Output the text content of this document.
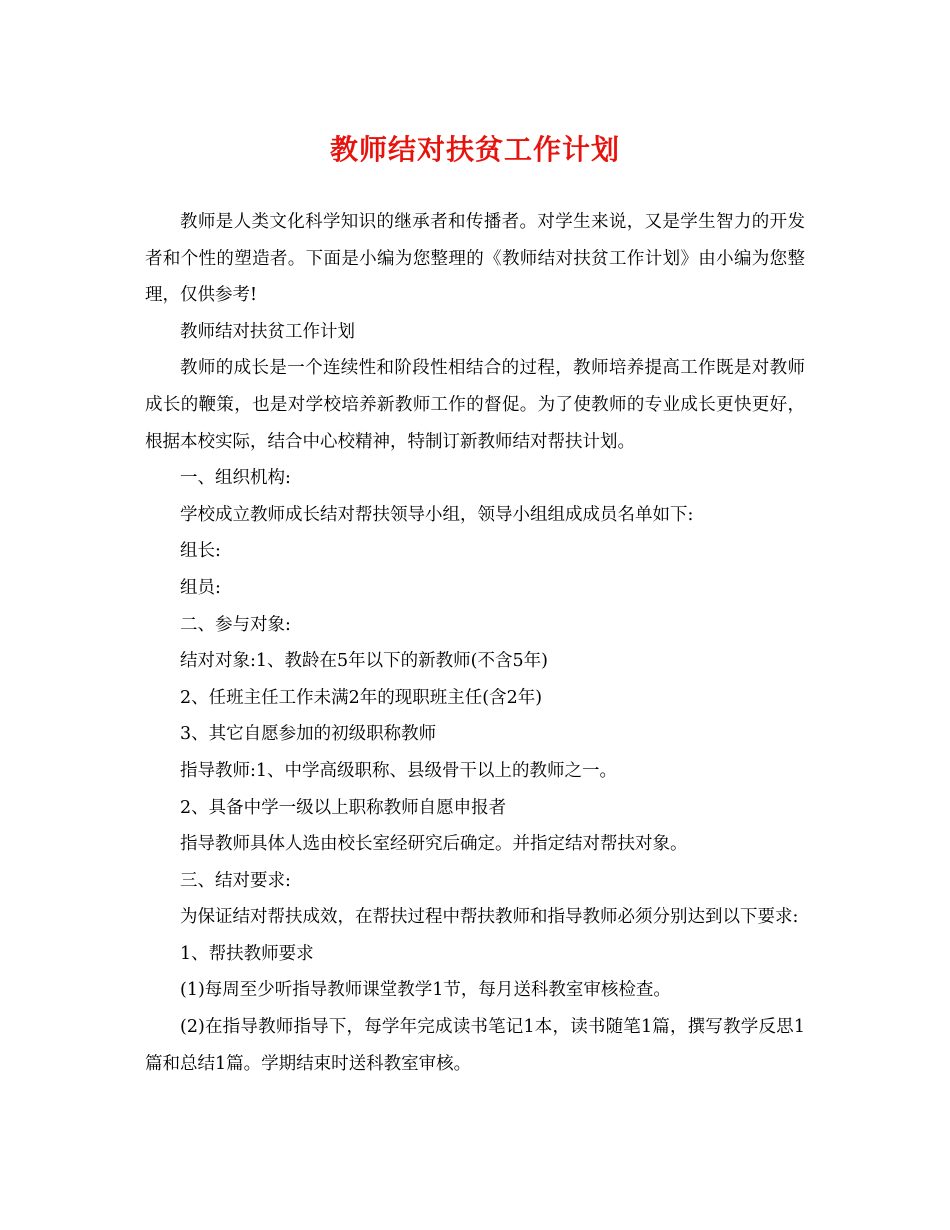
教师结对扶贫工作计划

教师是人类文化科学知识的继承者和传播者。对学生来说，又是学生智力的开发者和个性的塑造者。下面是小编为您整理的《教师结对扶贫工作计划》由小编为您整理，仅供参考!

教师结对扶贫工作计划

教师的成长是一个连续性和阶段性相结合的过程，教师培养提高工作既是对教师成长的鞭策，也是对学校培养新教师工作的督促。为了使教师的专业成长更快更好，根据本校实际，结合中心校精神，特制订新教师结对帮扶计划。

一、组织机构:

学校成立教师成长结对帮扶领导小组，领导小组组成成员名单如下:

组长:

组员:

二、参与对象:

结对对象:1、教龄在5年以下的新教师(不含5年)

2、任班主任工作未满2年的现职班主任(含2年)

3、其它自愿参加的初级职称教师

指导教师:1、中学高级职称、县级骨干以上的教师之一。

2、具备中学一级以上职称教师自愿申报者

指导教师具体人选由校长室经研究后确定。并指定结对帮扶对象。

三、结对要求:

为保证结对帮扶成效，在帮扶过程中帮扶教师和指导教师必须分别达到以下要求:

1、帮扶教师要求

(1)每周至少听指导教师课堂教学1节，每月送科教室审核检查。

(2)在指导教师指导下，每学年完成读书笔记1本，读书随笔1篇，撰写教学反思1篇和总结1篇。学期结束时送科教室审核。
